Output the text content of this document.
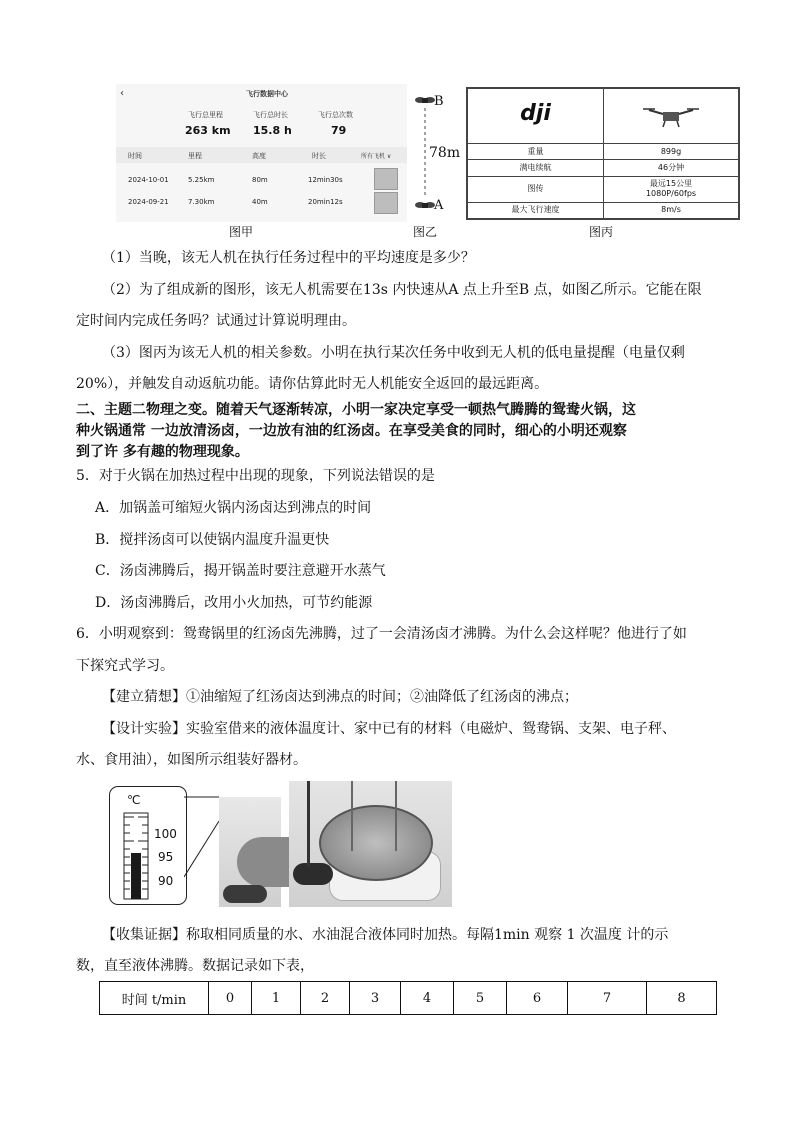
‹	飞行数据中心
飞行总里程	飞行总时长	飞行总次数
263 km 15.8 h	79
时间	里程	高度	时长	所有飞机 ∨
2024-10-01	5.25km	80m	12min30s
2024-09-21	7.30km	40m	20min12s
B
A
78m
dji	
重量	899g
满电续航	46分钟
图传	最远15公里
1080P/60fps

最大飞行速度	8m/s
图甲	图乙	图丙
（1）当晚，该无人机在执行任务过程中的平均速度是多少？
（2）为了组成新的图形，该无人机需要在13s 内快速从A 点上升至B 点，如图乙所示。它能在限
定时间内完成任务吗？试通过计算说明理由。
（3）图丙为该无人机的相关参数。小明在执行某次任务中收到无人机的低电量提醒（电量仅剩
20%），并触发自动返航功能。请你估算此时无人机能安全返回的最远距离。
二、主题二物理之变。随着天气逐渐转凉，小明一家决定享受一顿热气腾腾的鸳鸯火锅，这
种火锅通常 一边放清汤卤，一边放有油的红汤卤。在享受美食的同时，细心的小明还观察
到了许 多有趣的物理现象。
5．对于火锅在加热过程中出现的现象，下列说法错误的是
A．加锅盖可缩短火锅内汤卤达到沸点的时间
B．搅拌汤卤可以使锅内温度升温更快
C．汤卤沸腾后，揭开锅盖时要注意避开水蒸气
D．汤卤沸腾后，改用小火加热，可节约能源
6．小明观察到：鸳鸯锅里的红汤卤先沸腾，过了一会清汤卤才沸腾。为什么会这样呢？他进行了如
下探究式学习。
【建立猜想】①油缩短了红汤卤达到沸点的时间；②油降低了红汤卤的沸点；
【设计实验】实验室借来的液体温度计、家中已有的材料（电磁炉、鸳鸯锅、支架、电子秤、
水、食用油），如图所示组装好器材。
℃
100
95
90
【收集证据】称取相同质量的水、水油混合液体同时加热。每隔1min 观察 1 次温度 计的示
数，直至液体沸腾。数据记录如下表，
时间 t/min	0	1	2	3	4	5	6	7	8
